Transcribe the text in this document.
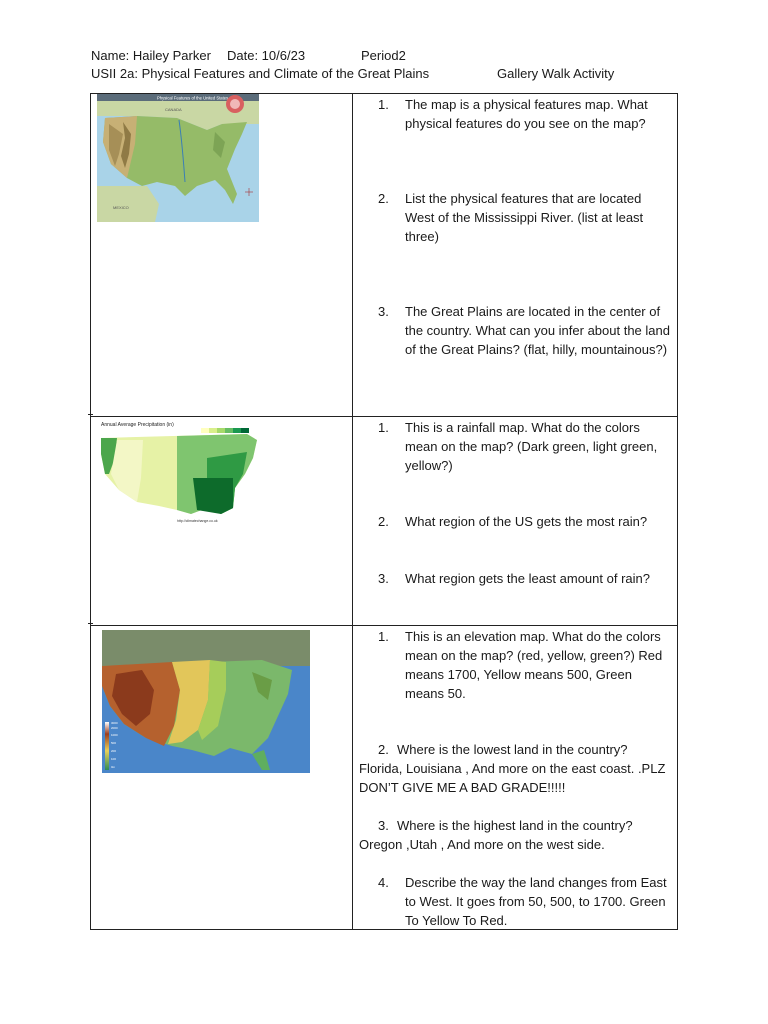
Name: Hailey Parker

Date: 10/6/23

	Period2

USII 2a: Physical Features and Climate of the Great Plains

	Gallery Walk Activity

Physical Features of the United States
CANADA
MEXICO
1.	The map is a physical features map. What physical features do you see on the map?
2.	List the physical features that are located West of the Mississippi River. (list at least three)
3.	The Great Plains are located in the center of the country. What can you infer about the land of the Great Plains? (flat, hilly, mountainous?)
Annual Average Precipitation (in)
http://climatechange.co.uk
1.	This is a rainfall map. What do the colors mean on the map? (Dark green, light green, yellow?)
2.	What region of the US gets the most rain?
3.	What region gets the least amount of rain?
0m
100
200
500
1000
2000
3000
1.	This is an elevation map. What do the colors mean on the map? (red, yellow, green?) Red means 1700, Yellow means 500, Green means 50.
2. Where is the lowest land in the country? Florida, Louisiana , And more on the east coast. .PLZ DON’T GIVE ME A BAD GRADE!!!!!
3. Where is the highest land in the country? Oregon ,Utah , And more on the west side.
4.	Describe the way the land changes from East to West. It goes from 50, 500, to 1700. Green To Yellow To Red.
